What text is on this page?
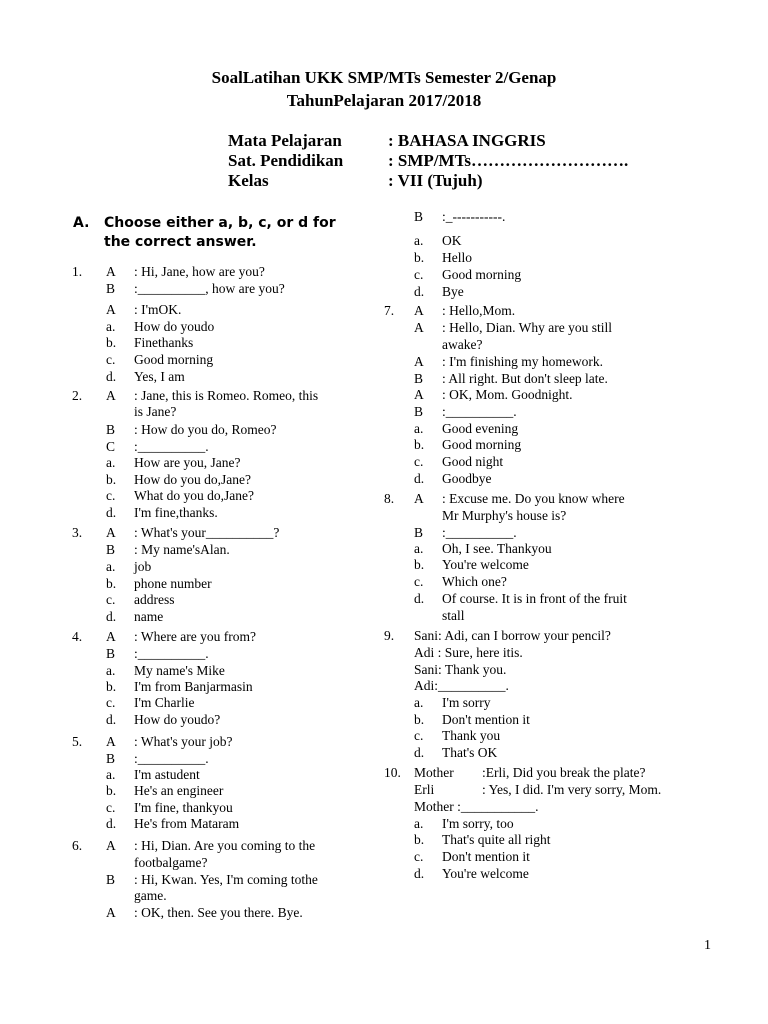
SoalLatihan UKK SMP/MTs Semester 2/Genap
TahunPelajaran 2017/2018
Mata Pelajaran	: BAHASA INGGRIS
Sat. Pendidikan	: SMP/MTs……………………….
Kelas	: VII (Tujuh)
A. Choose either a, b, c, or d for
the correct answer.
1. A : Hi, Jane, how are you?
B :__________, how are you?
A : I'mOK.
a. How do youdo
b. Finethanks
c. Good morning
d. Yes, I am
2. A : Jane, this is Romeo. Romeo, this
is Jane?
B : How do you do, Romeo?
C :__________.
a. How are you, Jane?
b. How do you do,Jane?
c. What do you do,Jane?
d. I'm fine,thanks.
3. A : What's your__________?
B : My name'sAlan.
a. job
b. phone number
c. address
d. name
4. A : Where are you from?
B :__________.
a. My name's Mike
b. I'm from Banjarmasin
c. I'm Charlie
d. How do youdo?
5. A : What's your job?
B :__________.
a. I'm astudent
b. He's an engineer
c. I'm fine, thankyou
d. He's from Mataram
6. A : Hi, Dian. Are you coming to the
footbalgame?
B : Hi, Kwan. Yes, I'm coming tothe
game.
A : OK, then. See you there. Bye.
B :_-----------.
a. OK
b. Hello
c. Good morning
d. Bye
7. A : Hello,Mom.
A : Hello, Dian. Why are you still
awake?
A : I'm finishing my homework.
B : All right. But don't sleep late.
A : OK, Mom. Goodnight.
B :__________.
a. Good evening
b. Good morning
c. Good night
d. Goodbye
8. A : Excuse me. Do you know where
Mr Murphy's house is?
B :__________.
a. Oh, I see. Thankyou
b. You're welcome
c. Which one?
d. Of course. It is in front of the fruit
stall
9.
a. I'm sorry
b. Don't mention it
c. Thank you
d. That's OK
10.
a. I'm sorry, too
b. That's quite all right
c. Don't mention it
d. You're welcome
Sani: Adi, can I borrow your pencil?
Adi : Sure, here itis.
Sani: Thank you.
Adi:__________.
Mother :Erli, Did you break the plate?
Erli	: Yes, I did. I'm very sorry, Mom.
Mother :___________.
1
